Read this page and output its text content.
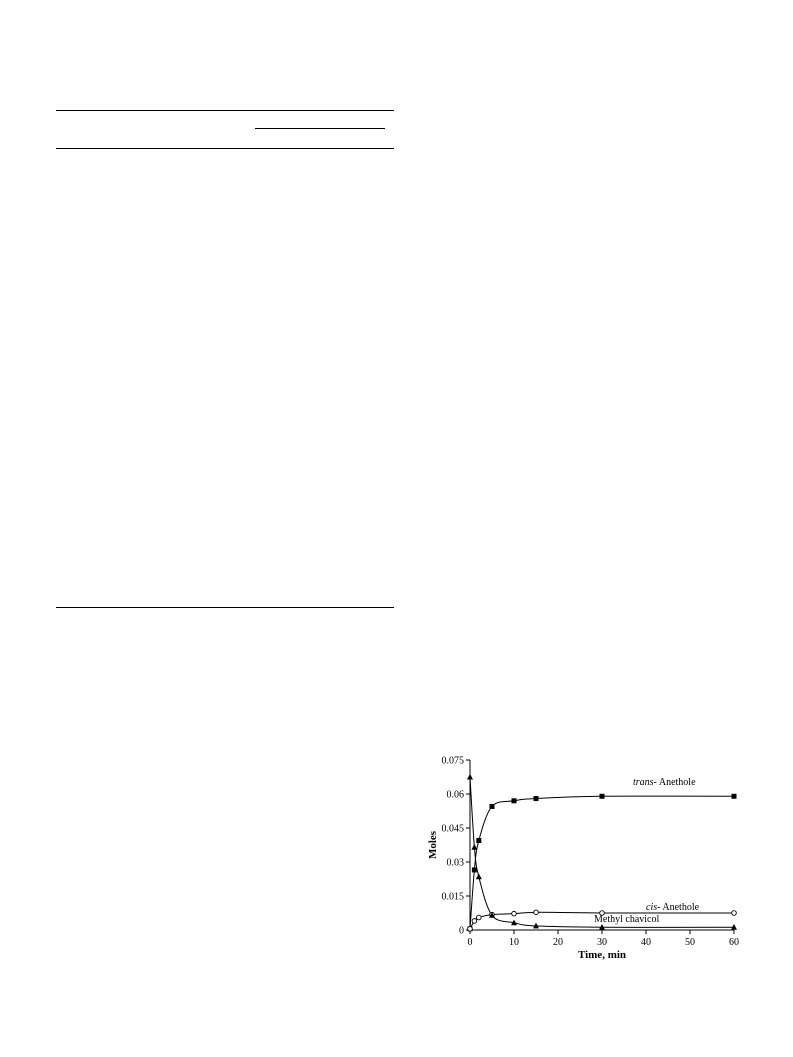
0	10	20	30	40	50	60
0
0.015
0.03
0.045
0.06
0.075
Time, min
Moles
trans- Anethole
cis- Anethole
Methyl chavicol
